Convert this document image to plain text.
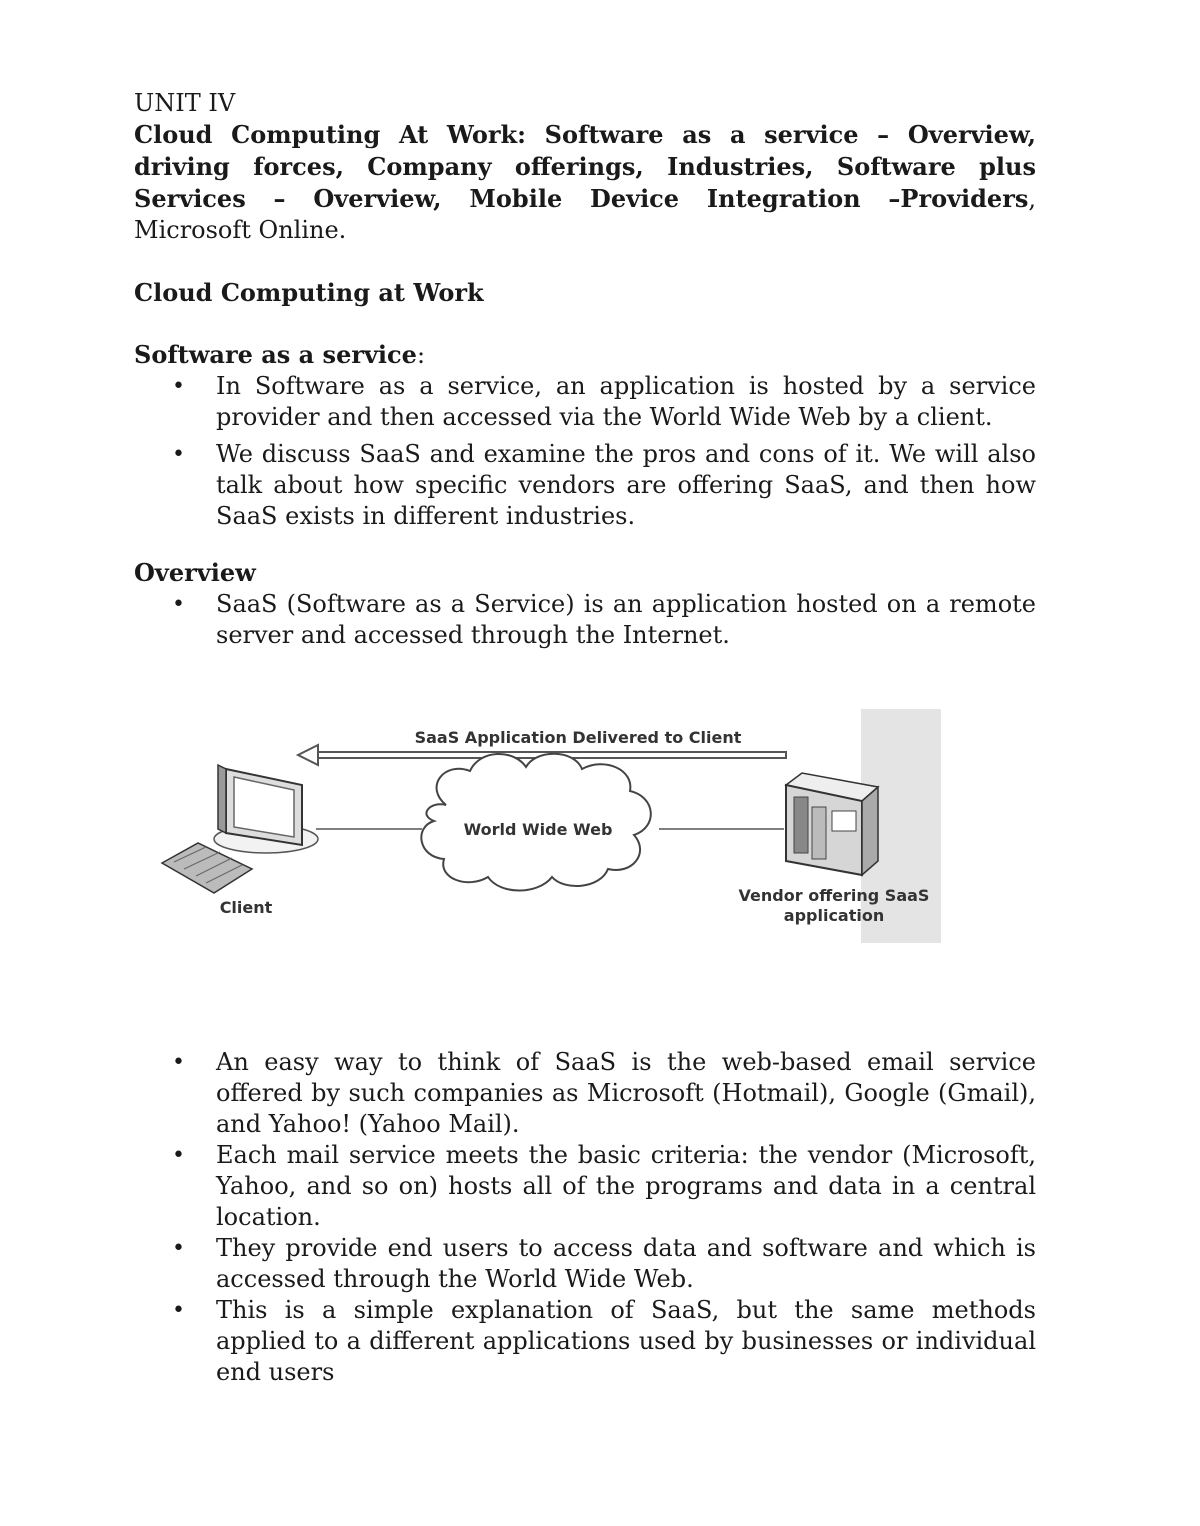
UNIT IV

Cloud Computing At Work: Software as a service – Overview, driving forces, Company offerings, Industries, Software plus Services – Overview, Mobile Device Integration –Providers, Microsoft Online.

Cloud Computing at Work

Software as a service:

• In Software as a service, an application is hosted by a service provider and then accessed via the World Wide Web by a client.
• We discuss SaaS and examine the pros and cons of it. We will also talk about how specific vendors are offering SaaS, and then how SaaS exists in different industries.

Overview

• SaaS (Software as a Service) is an application hosted on a remote server and accessed through the Internet.
SaaS Application Delivered to Client
World Wide Web
Client
Vendor offering SaaS
application
• An easy way to think of SaaS is the web-based email service offered by such companies as Microsoft (Hotmail), Google (Gmail), and Yahoo! (Yahoo Mail).
• Each mail service meets the basic criteria: the vendor (Microsoft, Yahoo, and so on) hosts all of the programs and data in a central location.
• They provide end users to access data and software and which is accessed through the World Wide Web.
• This is a simple explanation of SaaS, but the same methods applied to a different applications used by businesses or individual end users
